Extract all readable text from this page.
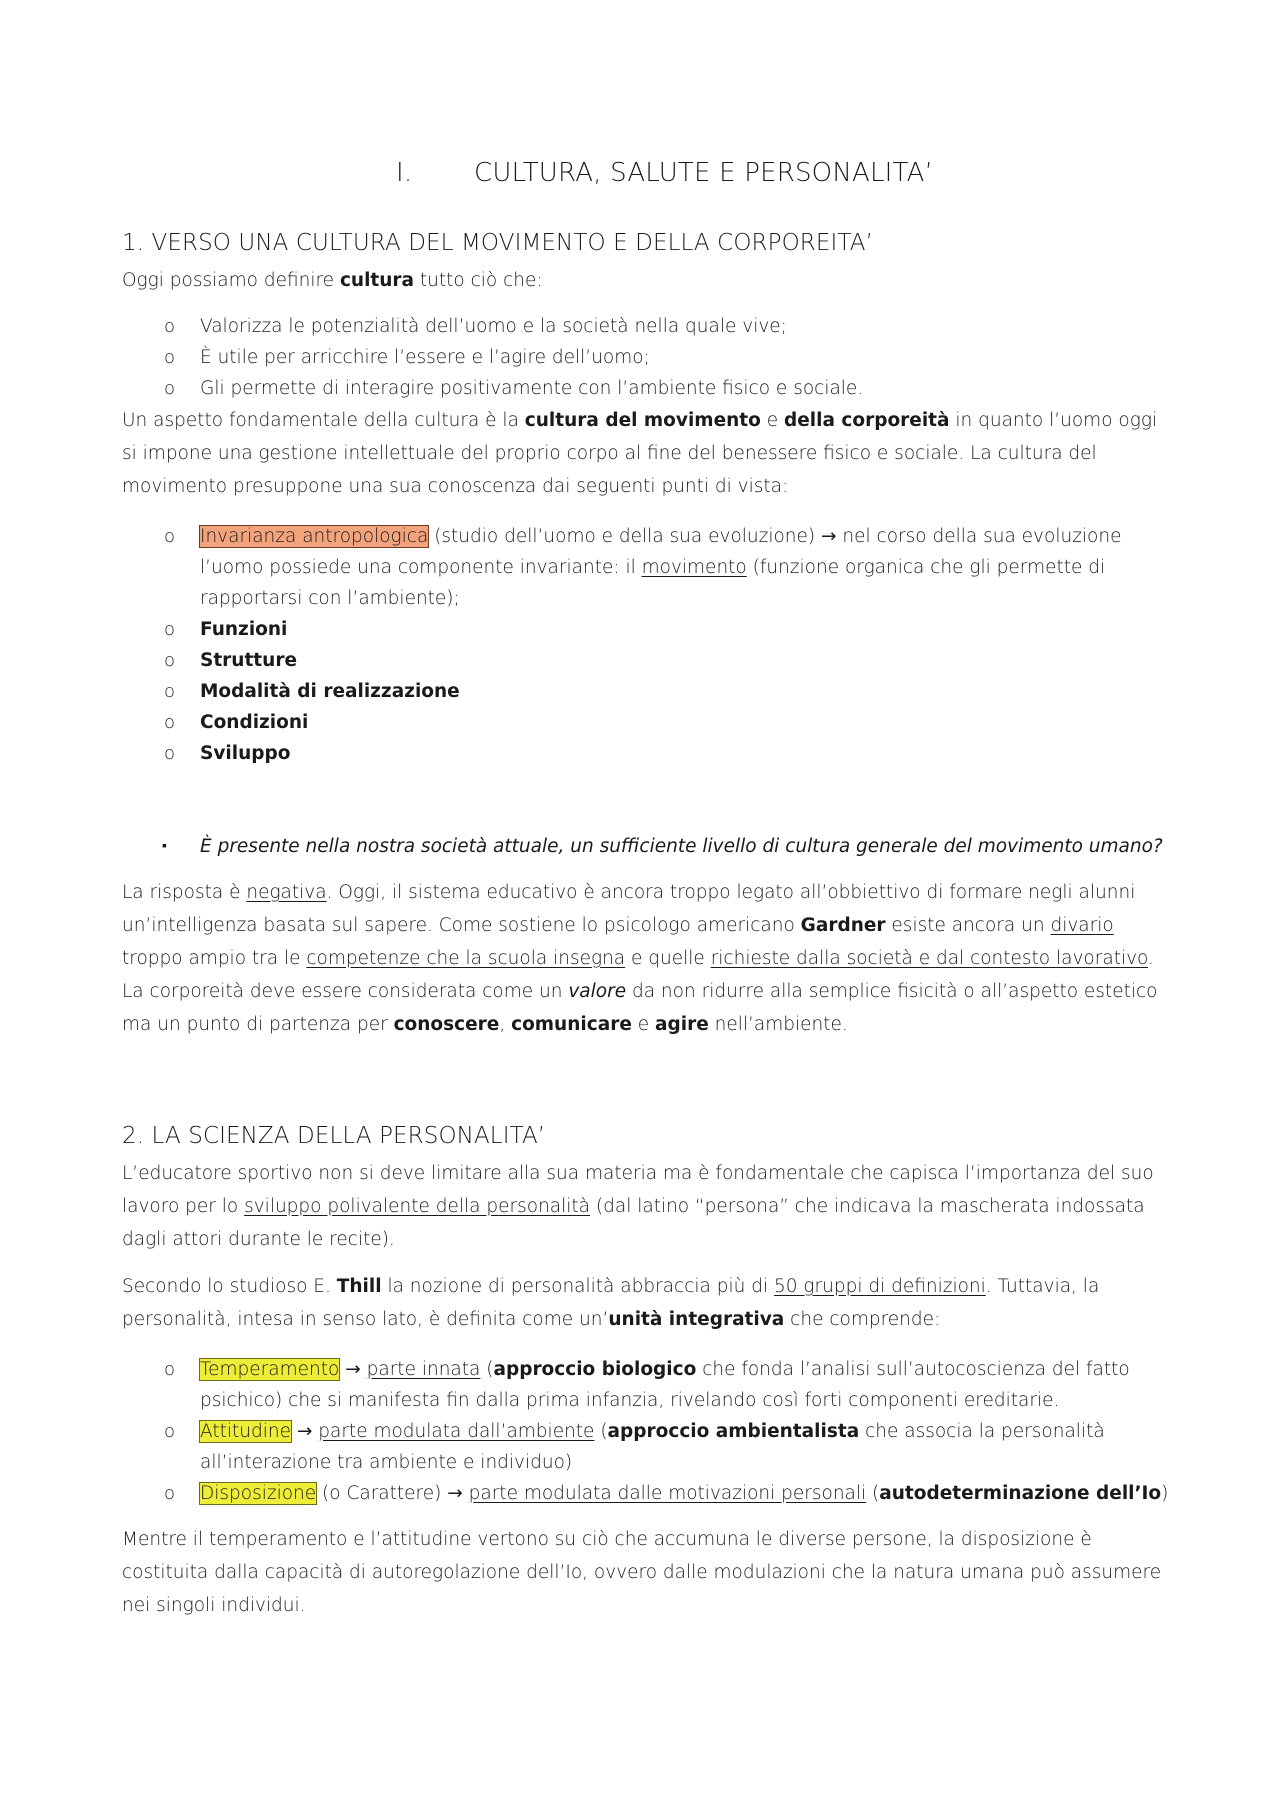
I. CULTURA, SALUTE E PERSONALITA’
1. VERSO UNA CULTURA DEL MOVIMENTO E DELLA CORPOREITA’

Oggi possiamo definire cultura tutto ciò che:

o Valorizza le potenzialità dell’uomo e la società nella quale vive;
o È utile per arricchire l’essere e l’agire dell’uomo;
o Gli permette di interagire positivamente con l’ambiente fisico e sociale.

Un aspetto fondamentale della cultura è la cultura del movimento e della corporeità in quanto l’uomo oggi si impone una gestione intellettuale del proprio corpo al fine del benessere fisico e sociale. La cultura del movimento presuppone una sua conoscenza dai seguenti punti di vista:

o Invarianza antropologica (studio dell’uomo e della sua evoluzione) → nel corso della sua evoluzione l’uomo possiede una componente invariante: il movimento (funzione organica che gli permette di rapportarsi con l’ambiente);
o Funzioni
o Strutture
o Modalità di realizzazione
o Condizioni
o Sviluppo
▪ È presente nella nostra società attuale, un sufficiente livello di cultura generale del movimento umano?

La risposta è negativa. Oggi, il sistema educativo è ancora troppo legato all’obbiettivo di formare negli alunni un’intelligenza basata sul sapere. Come sostiene lo psicologo americano Gardner esiste ancora un divario troppo ampio tra le competenze che la scuola insegna e quelle richieste dalla società e dal contesto lavorativo.

La corporeità deve essere considerata come un valore da non ridurre alla semplice fisicità o all’aspetto estetico ma un punto di partenza per conoscere, comunicare e agire nell’ambiente.

2. LA SCIENZA DELLA PERSONALITA’

L’educatore sportivo non si deve limitare alla sua materia ma è fondamentale che capisca l’importanza del suo lavoro per lo sviluppo polivalente della personalità (dal latino “persona” che indicava la mascherata indossata dagli attori durante le recite).

Secondo lo studioso E. Thill la nozione di personalità abbraccia più di 50 gruppi di definizioni. Tuttavia, la personalità, intesa in senso lato, è definita come un’unità integrativa che comprende:

o Temperamento → parte innata (approccio biologico che fonda l’analisi sull’autocoscienza del fatto psichico) che si manifesta fin dalla prima infanzia, rivelando così forti componenti ereditarie.
o Attitudine → parte modulata dall’ambiente (approccio ambientalista che associa la personalità all’interazione tra ambiente e individuo)
o Disposizione (o Carattere) → parte modulata dalle motivazioni personali (autodeterminazione dell’Io)

Mentre il temperamento e l’attitudine vertono su ciò che accumuna le diverse persone, la disposizione è costituita dalla capacità di autoregolazione dell’Io, ovvero dalle modulazioni che la natura umana può assumere nei singoli individui.
